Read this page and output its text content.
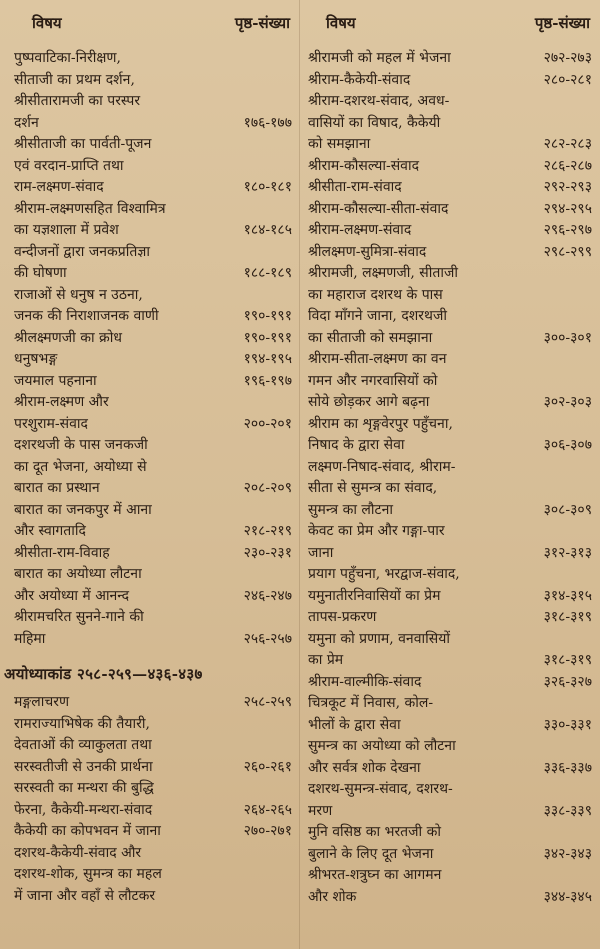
विषय	पृष्ठ-संख्या
पुष्पवाटिका-निरीक्षण,
सीताजी का प्रथम दर्शन,
श्रीसीतारामजी का परस्पर
दर्शन	१७६-१७७
श्रीसीताजी का पार्वती-पूजन
एवं वरदान-प्राप्ति तथा
राम-लक्ष्मण-संवाद	१८०-१८१
श्रीराम-लक्ष्मणसहित विश्वामित्र
का यज्ञशाला में प्रवेश	१८४-१८५
वन्दीजनों द्वारा जनकप्रतिज्ञा
की घोषणा	१८८-१८९
राजाओं से धनुष न उठना,
जनक की निराशाजनक वाणी	१९०-१९१
श्रीलक्ष्मणजी का क्रोध	१९०-१९१
धनुषभङ्ग	१९४-१९५
जयमाल पहनाना	१९६-१९७
श्रीराम-लक्ष्मण और
परशुराम-संवाद	२००-२०१
दशरथजी के पास जनकजी
का दूत भेजना, अयोध्या से
बारात का प्रस्थान	२०८-२०९
बारात का जनकपुर में आना
और स्वागतादि	२१८-२१९
श्रीसीता-राम-विवाह	२३०-२३१
बारात का अयोध्या लौटना
और अयोध्या में आनन्द	२४६-२४७
श्रीरामचरित सुनने-गाने की
महिमा	२५६-२५७
अयोध्याकांड २५८-२५९—४३६-४३७
मङ्गलाचरण	२५८-२५९
रामराज्याभिषेक की तैयारी,
देवताओं की व्याकुलता तथा
सरस्वतीजी से उनकी प्रार्थना	२६०-२६१
सरस्वती का मन्थरा की बुद्धि
फेरना, कैकेयी-मन्थरा-संवाद	२६४-२६५
कैकेयी का कोपभवन में जाना	२७०-२७१
दशरथ-कैकेयी-संवाद और
दशरथ-शोक, सुमन्त्र का महल
में जाना और वहाँ से लौटकर
विषय	पृष्ठ-संख्या
श्रीरामजी को महल में भेजना	२७२-२७३
श्रीराम-कैकेयी-संवाद	२८०-२८१
श्रीराम-दशरथ-संवाद, अवध-
वासियों का विषाद, कैकेयी
को समझाना	२८२-२८३
श्रीराम-कौसल्या-संवाद	२८६-२८७
श्रीसीता-राम-संवाद	२९२-२९३
श्रीराम-कौसल्या-सीता-संवाद	२९४-२९५
श्रीराम-लक्ष्मण-संवाद	२९६-२९७
श्रीलक्ष्मण-सुमित्रा-संवाद	२९८-२९९
श्रीरामजी, लक्ष्मणजी, सीताजी
का महाराज दशरथ के पास
विदा माँगने जाना, दशरथजी
का सीताजी को समझाना	३००-३०१
श्रीराम-सीता-लक्ष्मण का वन
गमन और नगरवासियों को
सोये छोड़कर आगे बढ़ना	३०२-३०३
श्रीराम का शृङ्गवेरपुर पहुँचना,
निषाद के द्वारा सेवा	३०६-३०७
लक्ष्मण-निषाद-संवाद, श्रीराम-
सीता से सुमन्त्र का संवाद,
सुमन्त्र का लौटना	३०८-३०९
केवट का प्रेम और गङ्गा-पार
जाना	३१२-३१३
प्रयाग पहुँचना, भरद्वाज-संवाद,
यमुनातीरनिवासियों का प्रेम	३१४-३१५
तापस-प्रकरण	३१८-३१९
यमुना को प्रणाम, वनवासियों
का प्रेम	३१८-३१९
श्रीराम-वाल्मीकि-संवाद	३२६-३२७
चित्रकूट में निवास, कोल-
भीलों के द्वारा सेवा	३३०-३३१
सुमन्त्र का अयोध्या को लौटना
और सर्वत्र शोक देखना	३३६-३३७
दशरथ-सुमन्त्र-संवाद, दशरथ-
मरण	३३८-३३९
मुनि वसिष्ठ का भरतजी को
बुलाने के लिए दूत भेजना	३४२-३४३
श्रीभरत-शत्रुघ्न का आगमन
और शोक	३४४-३४५
